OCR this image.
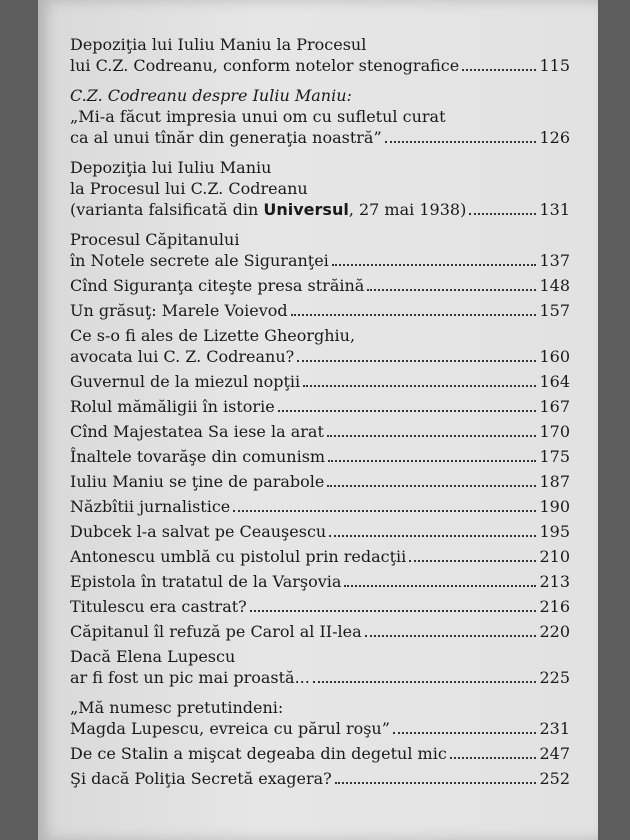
Depoziţia lui Iuliu Maniu la Procesul
lui C.Z. Codreanu, conform notelor stenografice	115
C.Z. Codreanu despre Iuliu Maniu:
„Mi-a făcut impresia unui om cu sufletul curat
ca al unui tînăr din generaţia noastră”	126
Depoziţia lui Iuliu Maniu
la Procesul lui C.Z. Codreanu
(varianta falsificată din Universul, 27 mai 1938)	131
Procesul Căpitanului
în Notele secrete ale Siguranţei	137
Cînd Siguranţa citeşte presa străină	148
Un grăsuţ: Marele Voievod	157
Ce s-o fi ales de Lizette Gheorghiu,
avocata lui C. Z. Codreanu?	160
Guvernul de la miezul nopţii	164
Rolul mămăligii în istorie	167
Cînd Majestatea Sa iese la arat	170
Înaltele tovarăşe din comunism	175
Iuliu Maniu se ţine de parabole	187
Năzbîtii jurnalistice	190
Dubcek l-a salvat pe Ceauşescu	195
Antonescu umblă cu pistolul prin redacţii	210
Epistola în tratatul de la Varşovia	213
Titulescu era castrat?	216
Căpitanul îl refuză pe Carol al II-lea	220
Dacă Elena Lupescu
ar fi fost un pic mai proastă...	225
„Mă numesc pretutindeni:
Magda Lupescu, evreica cu părul roşu”	231
De ce Stalin a mişcat degeaba din degetul mic	247
Şi dacă Poliţia Secretă exagera?	252
